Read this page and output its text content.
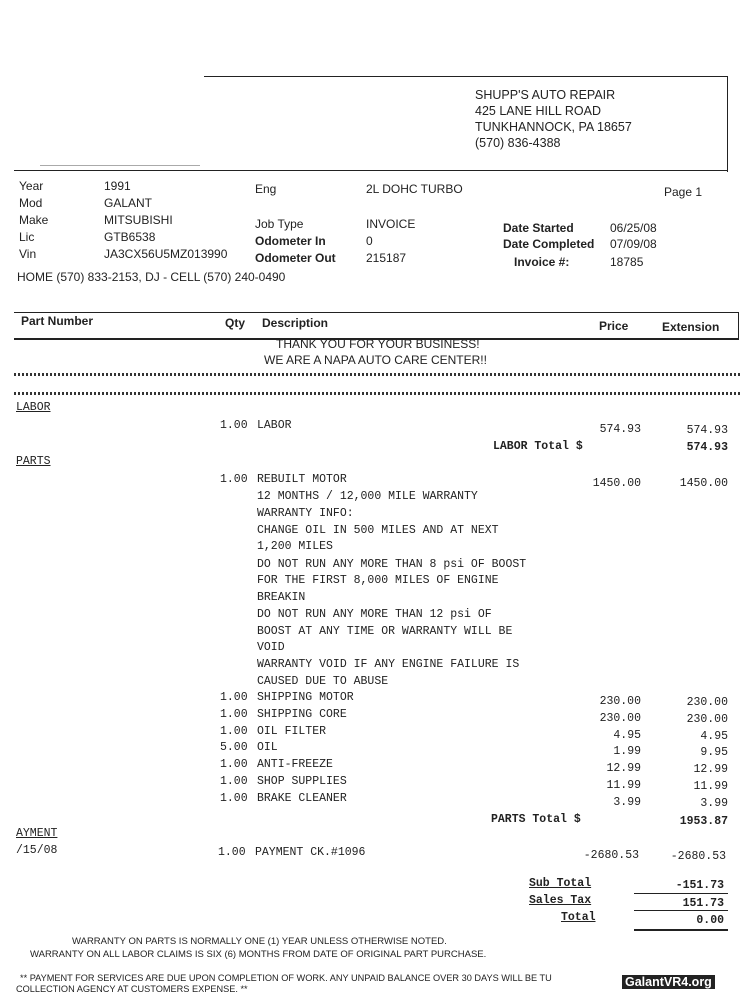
SHUPP'S AUTO REPAIR
425 LANE HILL ROAD
TUNKHANNOCK, PA 18657
(570) 836-4388
Year	1991
Mod	GALANT
Make	MITSUBISHI
Lic	GTB6538
Vin	JA3CX56U5MZ013990
Eng	2L DOHC TURBO	Page 1
Job Type	INVOICE
Odometer In	0
Odometer Out	215187
Date Started	06/25/08
Date Completed 07/09/08
Invoice #:	18785
HOME (570) 833-2153, DJ - CELL (570) 240-0490
Part Number	Qty Description	Price	Extension
THANK YOU FOR YOUR BUSINESS!
WE ARE A NAPA AUTO CARE CENTER!!
LABOR
1.00 LABOR	574.93	574.93
LABOR Total $	574.93
PARTS
1.00 REBUILT MOTOR	1450.00	1450.00
12 MONTHS / 12,000 MILE WARRANTY
WARRANTY INFO:
CHANGE OIL IN 500 MILES AND AT NEXT
1,200 MILES
DO NOT RUN ANY MORE THAN 8 psi OF BOOST
FOR THE FIRST 8,000 MILES OF ENGINE
BREAKIN
DO NOT RUN ANY MORE THAN 12 psi OF
BOOST AT ANY TIME OR WARRANTY WILL BE
VOID
WARRANTY VOID IF ANY ENGINE FAILURE IS
CAUSED DUE TO ABUSE
1.00 SHIPPING MOTOR	230.00	230.00
1.00 SHIPPING CORE	230.00	230.00
1.00 OIL FILTER	4.95	4.95
5.00 OIL	1.99	9.95
1.00 ANTI-FREEZE	12.99	12.99
1.00 SHOP SUPPLIES	11.99	11.99
1.00 BRAKE CLEANER	3.99	3.99
PARTS Total $	1953.87
AYMENT
/15/08	1.00 PAYMENT CK.#1096	-2680.53	-2680.53
Sub Total	-151.73
Sales Tax	151.73
Total	0.00
WARRANTY ON PARTS IS NORMALLY ONE (1) YEAR UNLESS OTHERWISE NOTED.
WARRANTY ON ALL LABOR CLAIMS IS SIX (6) MONTHS FROM DATE OF ORIGINAL PART PURCHASE.
** PAYMENT FOR SERVICES ARE DUE UPON COMPLETION OF WORK. ANY UNPAID BALANCE OVER 30 DAYS WILL BE TU
COLLECTION AGENCY AT CUSTOMERS EXPENSE. **	GalantVR4.org
